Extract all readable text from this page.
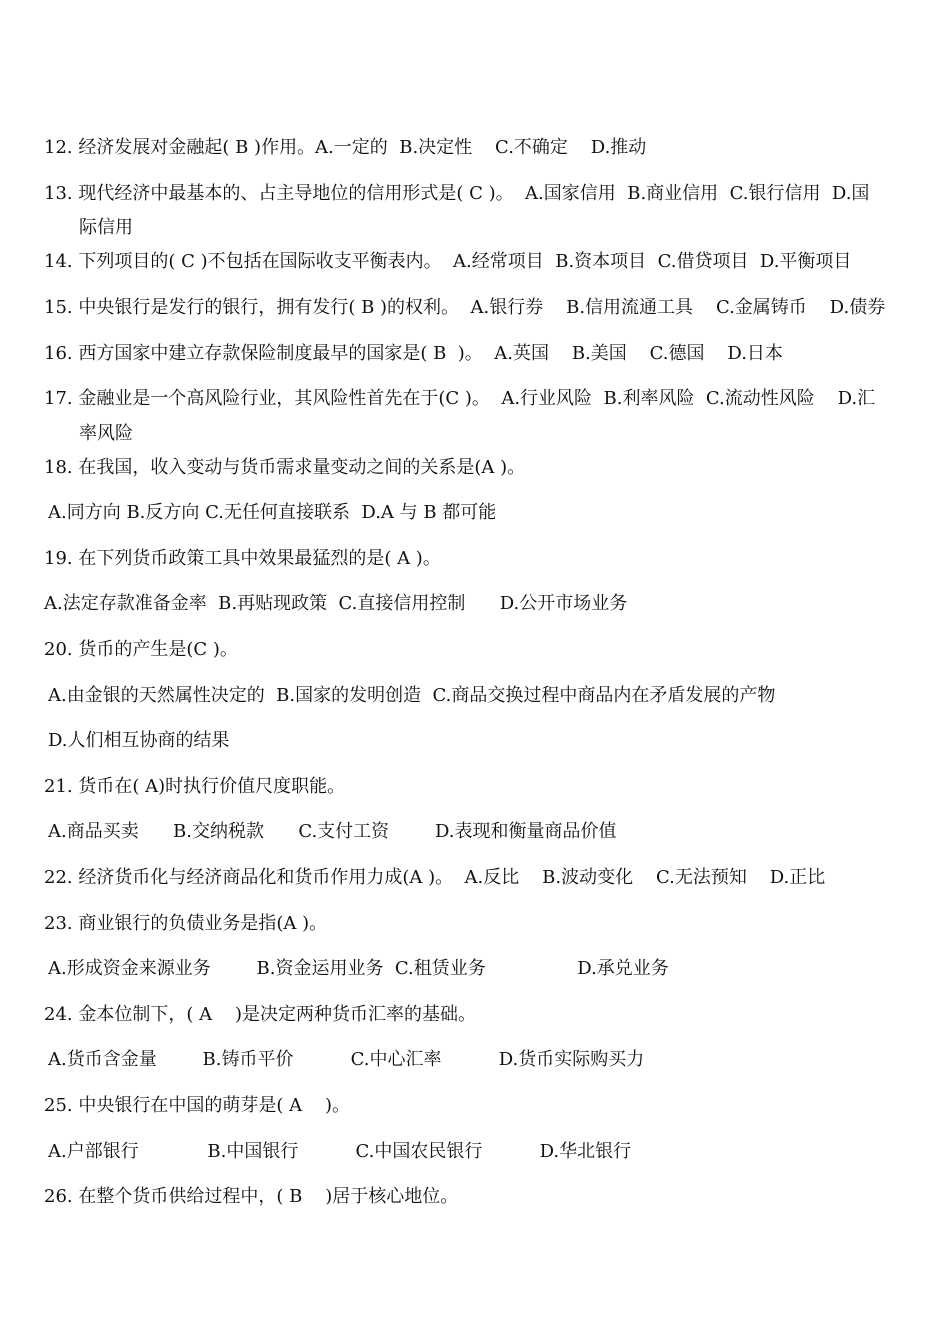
12. 经济发展对金融起( B )作用。A.一定的  B.决定性    C.不确定    D.推动
13. 现代经济中最基本的、占主导地位的信用形式是( C )。  A.国家信用  B.商业信用  C.银行信用  D.国
际信用
14. 下列项目的( C )不包括在国际收支平衡表内。  A.经常项目  B.资本项目  C.借贷项目  D.平衡项目
15. 中央银行是发行的银行，拥有发行( B )的权利。  A.银行券    B.信用流通工具    C.金属铸币    D.债券
16. 西方国家中建立存款保险制度最早的国家是( B  )。  A.英国    B.美国    C.德国    D.日本
17. 金融业是一个高风险行业，其风险性首先在于(C )。  A.行业风险  B.利率风险  C.流动性风险    D.汇
率风险
18. 在我国，收入变动与货币需求量变动之间的关系是(A )。
A.同方向 B.反方向 C.无任何直接联系  D.A 与 B 都可能
19. 在下列货币政策工具中效果最猛烈的是( A )。
A.法定存款准备金率  B.再贴现政策  C.直接信用控制      D.公开市场业务
20. 货币的产生是(C )。
A.由金银的天然属性决定的  B.国家的发明创造  C.商品交换过程中商品内在矛盾发展的产物
D.人们相互协商的结果
21. 货币在( A)时执行价值尺度职能。
A.商品买卖      B.交纳税款      C.支付工资        D.表现和衡量商品价值
22. 经济货币化与经济商品化和货币作用力成(A )。  A.反比    B.波动变化    C.无法预知    D.正比
23. 商业银行的负债业务是指(A )。
A.形成资金来源业务        B.资金运用业务  C.租赁业务                D.承兑业务
24. 金本位制下，( A    )是决定两种货币汇率的基础。
A.货币含金量        B.铸币平价          C.中心汇率          D.货币实际购买力
25. 中央银行在中国的萌芽是( A    )。
A.户部银行            B.中国银行          C.中国农民银行          D.华北银行
26. 在整个货币供给过程中，( B    )居于核心地位。
